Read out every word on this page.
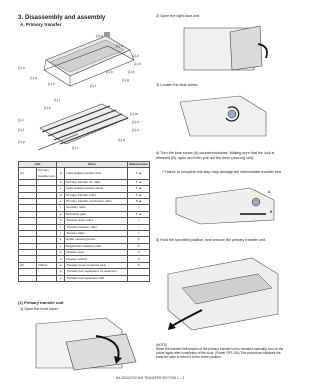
3. Disassembly and assembly
A. Primary transfer
(2)-a
(1)-a
(2)-b
(1)-h
(1)-b
(1)-c
(1)-d
(1)-e	(1)-f
(1)-g
(2)-b
(1)-j
(1)-k
(1)-l
(1)-f
(1)-m
(1)-n
(1)-o
(1)-p
(1)-i
(1)-q
Unit		Parts		Maintenance
(1)	Primary transfer unit	a	Intermediate transfer belt	✕ ▲
		b	Primary transfer CL roller	✕ ▲
		c	Intermediate transfer blade	✕ ▲
		d	Primary transfer roller	✕ ▲
		e	Primary transfer conduction roller	✕ ▲
		f	Auxiliary roller	○
		g	Belt drive gear	✕ ▲
		h	Transfer drive roller	○
		i	Transfer follower roller	○
		j	Tension roller	○
		k	Roller cleaning brush	✕
		l	Registration backup roller	✕
		m	Cleaner seal	✕
		n	Cleaner seal R	✕
(2)	Others	a	Transfer toner reception seal	✕
		b	Transfer belt separation CL detection	
		c	Transfer belt separation BR	
(1) Primary transfer unit
1) Open the front cover.
2) Open the right door unit.
3) Loosen the blue screw.
4) Turn the blue screw (A) counterclockwise. Making sure that the lock is released (B), open and then pull out the drum (clos-ing unit).
* Failure to complete this step may damage the intermediate transfer belt.
A
B
5) Hold the specified position, and remove the primary transfer unit.
(NOTE)
When the transfer belt tension of the primary transfer unit is released manually, turn on the power again after completion of the work. (Power OFF-ON) This procedure initializes the trans-fer roller to return it to the home position.
MX-2000/2700 N/G TRANSFER SECTION L – 3
